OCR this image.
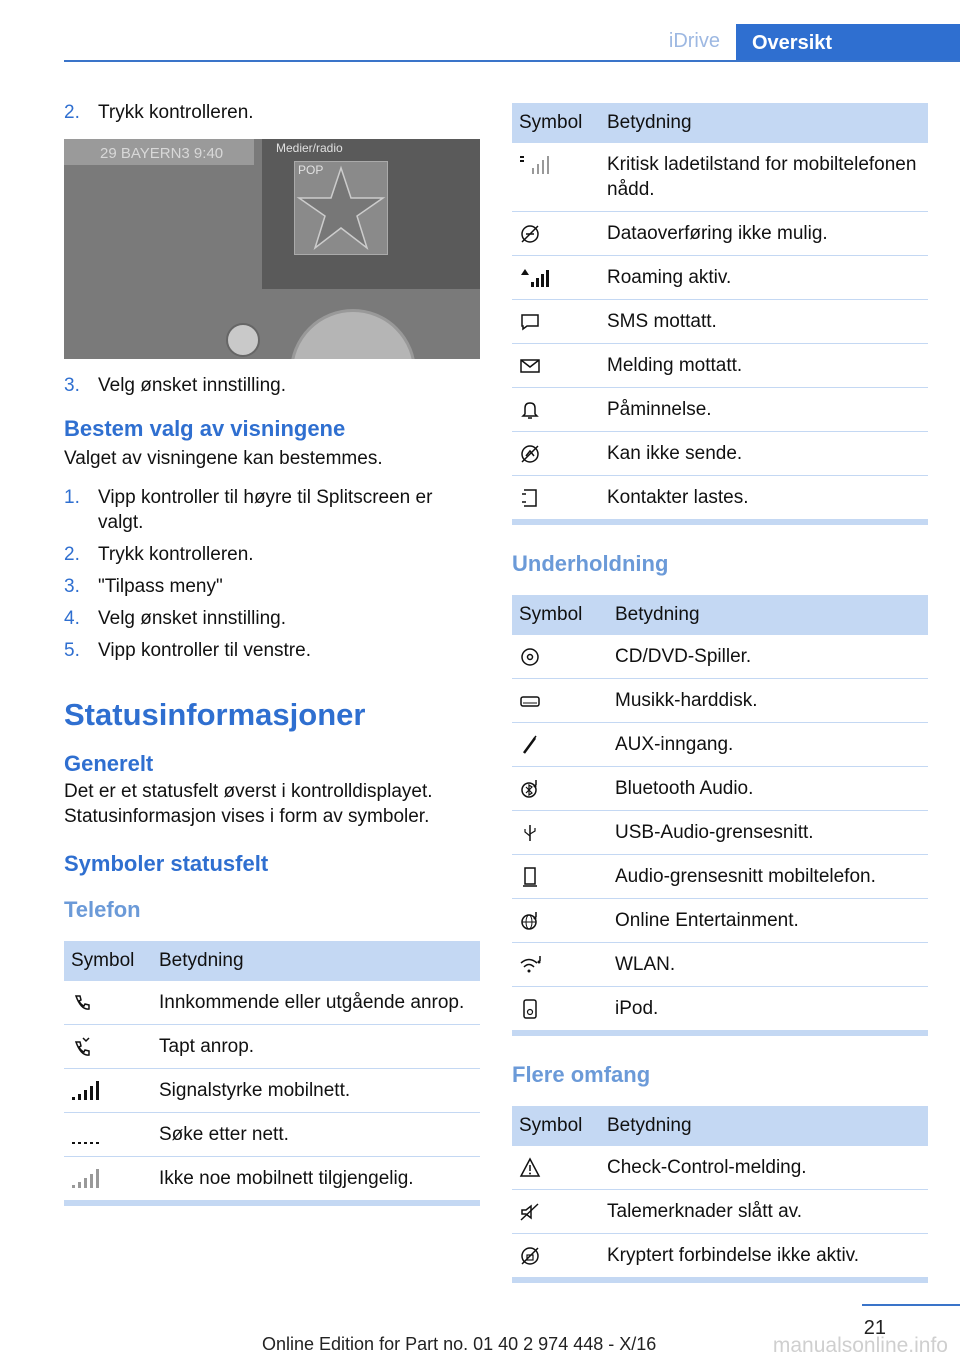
iDrive	Oversikt
2. Trykk kontrolleren.
29 BAYERN3 9:40	Medier/radio
POP
3. Velg ønsket innstilling.
Bestem valg av visningene

Valget av visningene kan bestemmes.

1. Vipp kontroller til høyre til Splitscreen er valgt.
2. Trykk kontrolleren.
3. "Tilpass meny"
4. Velg ønsket innstilling.
5. Vipp kontroller til venstre.
Statusinformasjoner
Generelt

Det er et statusfelt øverst i kontrolldisplayet. Statusinformasjon vises i form av symboler.

Symboler statusfelt
Telefon
Symbol	Betydning

	Innkommende eller utgående anrop.

	Tapt anrop.

	Signalstyrke mobilnett.

	Søke etter nett.

	Ikke noe mobilnett tilgjengelig.
Symbol	Betydning

	Kritisk ladetilstand for mobiltelefonen nådd.

	Dataoverføring ikke mulig.

	Roaming aktiv.

	SMS mottatt.

	Melding mottatt.

	Påminnelse.

	Kan ikke sende.

	Kontakter lastes.
Underholdning
Symbol	Betydning

	CD/DVD-Spiller.

	Musikk-harddisk.

	AUX-inngang.

	Bluetooth Audio.

	USB-Audio-grensesnitt.

	Audio-grensesnitt mobiltelefon.

	Online Entertainment.

	WLAN.

	iPod.
Flere omfang
Symbol	Betydning

	Check-Control-melding.

	Talemerknader slått av.

	Kryptert forbindelse ikke aktiv.
21
Online Edition for Part no. 01 40 2 974 448 - X/16	manualsonline.info
